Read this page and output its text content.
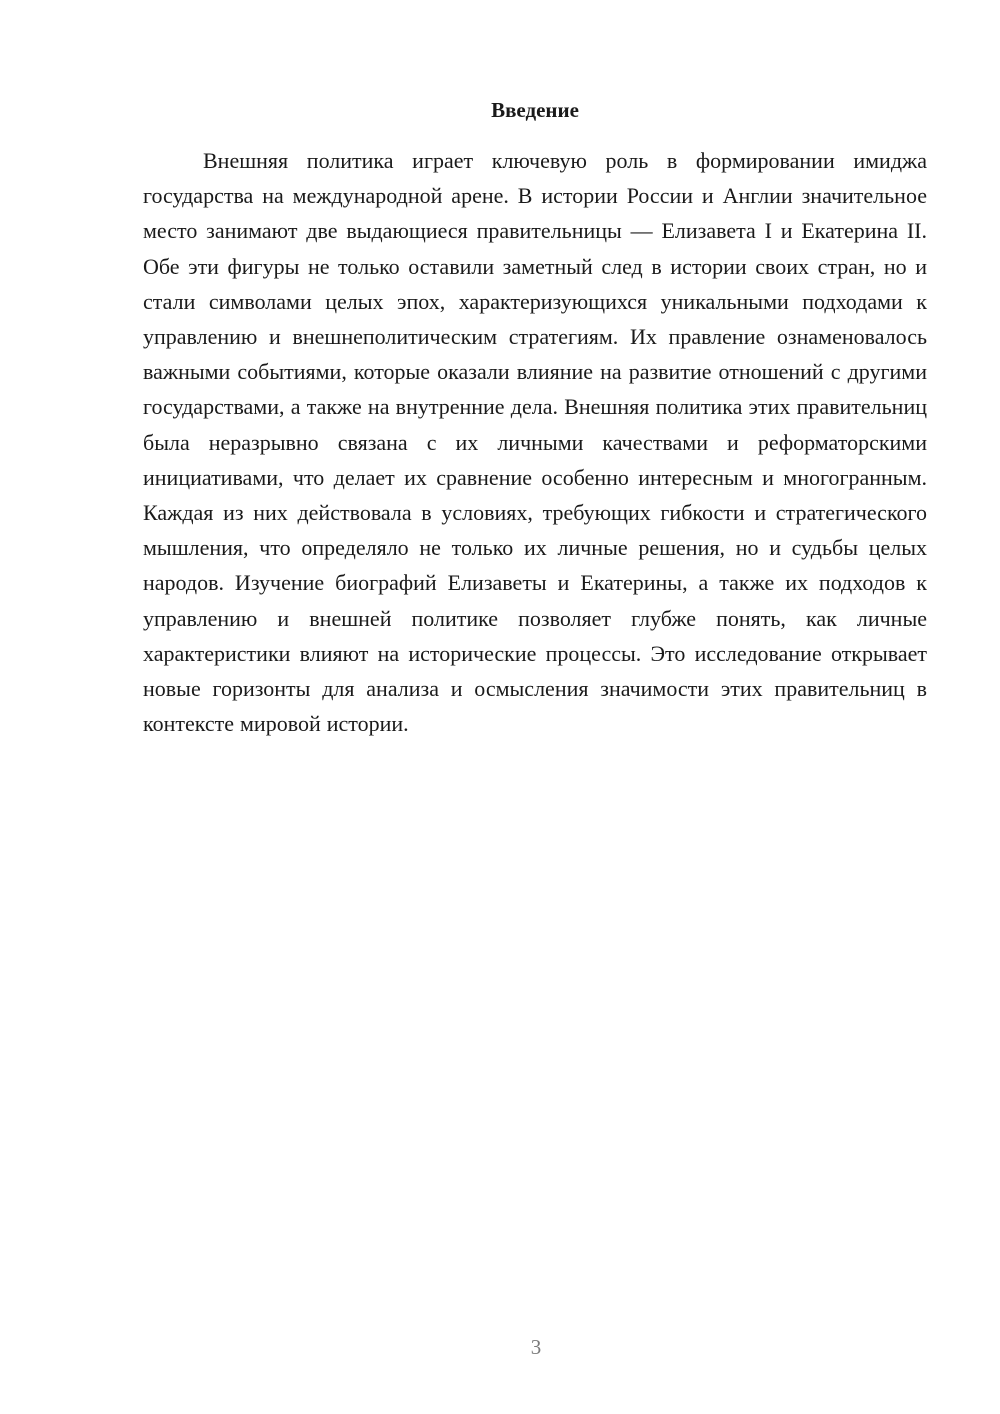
Введение

Внешняя политика играет ключевую роль в формировании имиджа государства на международной арене. В истории России и Англии значительное место занимают две выдающиеся правительницы — Елизавета I и Екатерина II. Обе эти фигуры не только оставили заметный след в истории своих стран, но и стали символами целых эпох, характеризующихся уникальными подходами к управлению и внешнеполитическим стратегиям. Их правление ознаменовалось важными событиями, которые оказали влияние на развитие отношений с другими государствами, а также на внутренние дела. Внешняя политика этих правительниц была неразрывно связана с их личными качествами и реформаторскими инициативами, что делает их сравнение особенно интересным и многогранным. Каждая из них действовала в условиях, требующих гибкости и стратегического мышления, что определяло не только их личные решения, но и судьбы целых народов. Изучение биографий Елизаветы и Екатерины, а также их подходов к управлению и внешней политике позволяет глубже понять, как личные характеристики влияют на исторические процессы. Это исследование открывает новые горизонты для анализа и осмысления значимости этих правительниц в контексте мировой истории.

3
